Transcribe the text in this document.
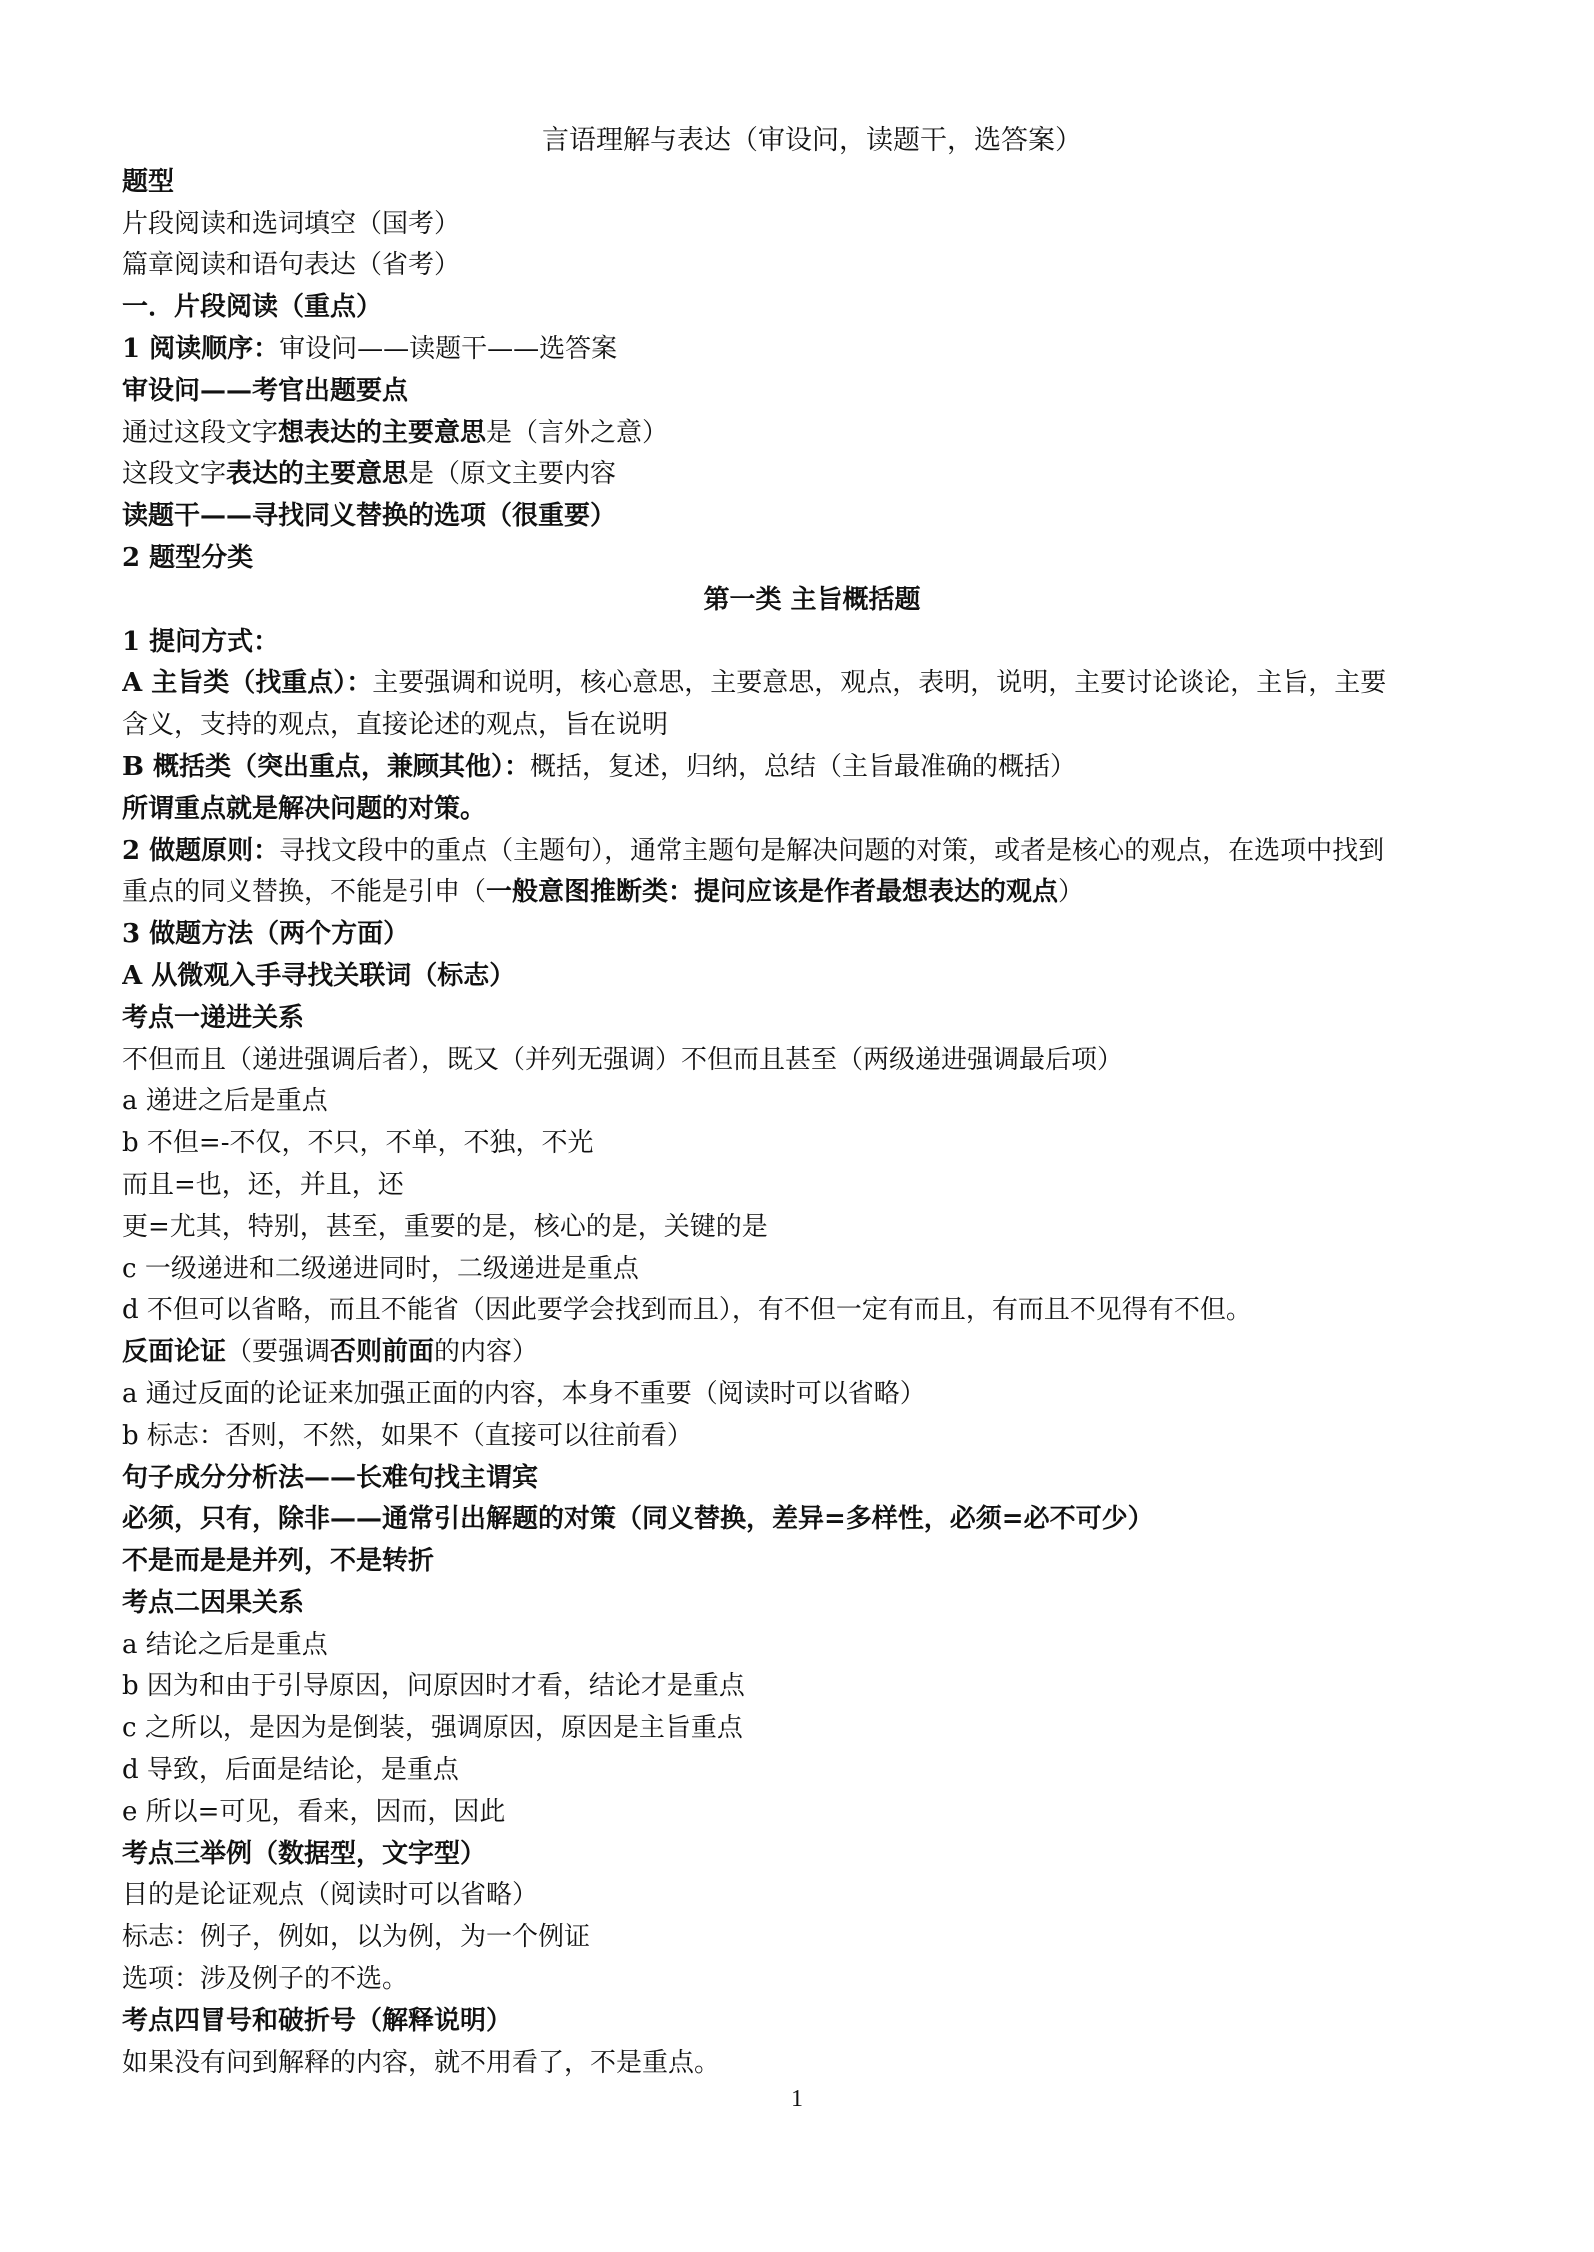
言语理解与表达（审设问，读题干，选答案）
题型
片段阅读和选词填空（国考）
篇章阅读和语句表达（省考）
一．片段阅读（重点）
1 阅读顺序：审设问——读题干——选答案
审设问——考官出题要点
通过这段文字想表达的主要意思是（言外之意）
这段文字表达的主要意思是（原文主要内容
读题干——寻找同义替换的选项（很重要）
2 题型分类
第一类 主旨概括题
1 提问方式：
A 主旨类（找重点）：主要强调和说明，核心意思，主要意思，观点，表明，说明，主要讨论谈论，主旨，主要
含义，支持的观点，直接论述的观点，旨在说明
B 概括类（突出重点，兼顾其他）：概括，复述，归纳，总结（主旨最准确的概括）
所谓重点就是解决问题的对策。
2 做题原则：寻找文段中的重点（主题句），通常主题句是解决问题的对策，或者是核心的观点，在选项中找到
重点的同义替换，不能是引申（一般意图推断类：提问应该是作者最想表达的观点）
3 做题方法（两个方面）
A 从微观入手寻找关联词（标志）
考点一递进关系
不但而且（递进强调后者），既又（并列无强调）不但而且甚至（两级递进强调最后项）
a 递进之后是重点
b 不但=-不仅，不只，不单，不独，不光
而且=也，还，并且，还
更=尤其，特别，甚至，重要的是，核心的是，关键的是
c 一级递进和二级递进同时，二级递进是重点
d 不但可以省略，而且不能省（因此要学会找到而且），有不但一定有而且，有而且不见得有不但。
反面论证（要强调否则前面的内容）
a 通过反面的论证来加强正面的内容，本身不重要（阅读时可以省略）
b 标志：否则，不然，如果不（直接可以往前看）
句子成分分析法——长难句找主谓宾
必须，只有，除非——通常引出解题的对策（同义替换，差异=多样性，必须=必不可少）
不是而是是并列，不是转折
考点二因果关系
a 结论之后是重点
b 因为和由于引导原因，问原因时才看，结论才是重点
c 之所以，是因为是倒装，强调原因，原因是主旨重点
d 导致，后面是结论，是重点
e 所以=可见，看来，因而，因此
考点三举例（数据型，文字型）
目的是论证观点（阅读时可以省略）
标志：例子，例如，以为例，为一个例证
选项：涉及例子的不选。
考点四冒号和破折号（解释说明）
如果没有问到解释的内容，就不用看了，不是重点。
1
